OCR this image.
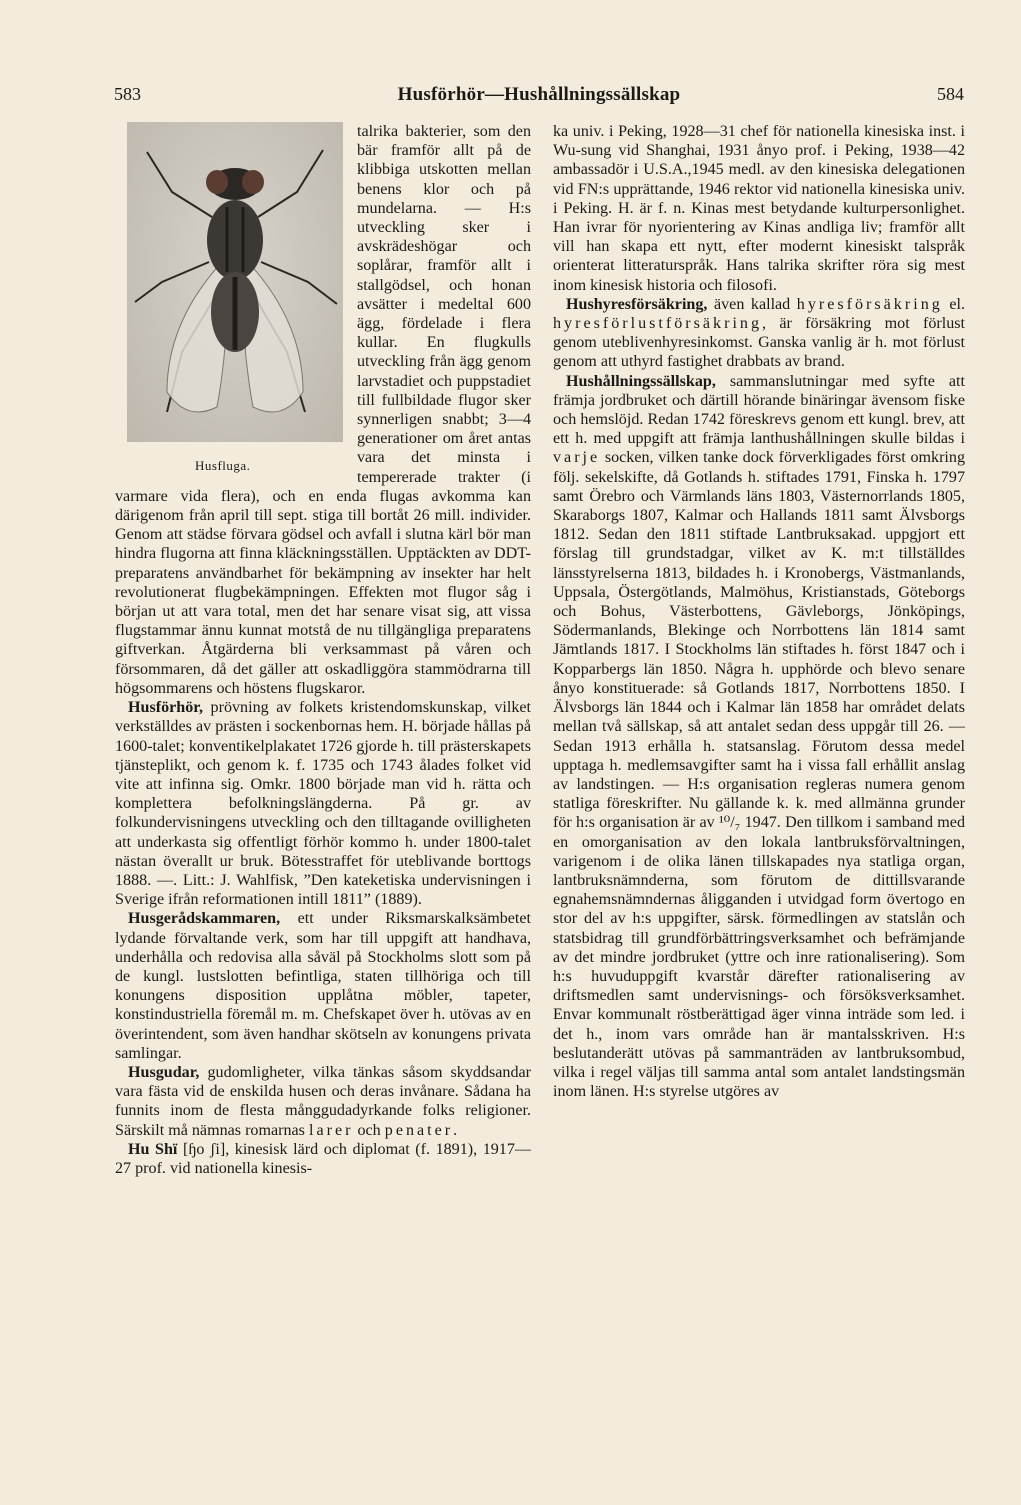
583	Husförhör—Hushållningssällskap	584
Husfluga.

talrika bakterier, som den bär framför allt på de klibbiga utskotten mellan benens klor och på mundelarna. — H:s utveckling sker i avskrädeshögar och soplårar, framför allt i stallgödsel, och honan avsätter i medeltal 600 ägg, fördelade i flera kullar. En flugkulls utveckling från ägg genom larvstadiet och puppstadiet till fullbildade flugor sker synnerligen snabbt; 3—4 generationer om året antas vara det minsta i tempererade trakter (i varmare vida flera), och en enda flugas avkomma kan därigenom från april till sept. stiga till bortåt 26 mill. individer. Genom att städse förvara gödsel och avfall i slutna kärl bör man hindra flugorna att finna kläckningsställen. Upptäckten av DDT-preparatens användbarhet för bekämpning av insekter har helt revolutionerat flugbekämpningen. Effekten mot flugor såg i början ut att vara total, men det har senare visat sig, att vissa flugstammar ännu kunnat motstå de nu tillgängliga preparatens giftverkan. Åtgärderna bli verksammast på våren och försommaren, då det gäller att oskadliggöra stammödrarna till högsommarens och höstens flugskaror.

Husförhör, prövning av folkets kristendomskunskap, vilket verkställdes av prästen i sockenbornas hem. H. började hållas på 1600-talet; konventikelplakatet 1726 gjorde h. till prästerskapets tjänsteplikt, och genom k. f. 1735 och 1743 ålades folket vid vite att infinna sig. Omkr. 1800 började man vid h. rätta och komplettera befolkningslängderna. På gr. av folkundervisningens utveckling och den tilltagande ovilligheten att underkasta sig offentligt förhör kommo h. under 1800-talet nästan överallt ur bruk. Bötesstraffet för uteblivande borttogs 1888. —. Litt.: J. Wahlfisk, ”Den kateketiska undervisningen i Sverige ifrån reformationen intill 1811” (1889).

Husgerådskammaren, ett under Riksmarskalksämbetet lydande förvaltande verk, som har till uppgift att handhava, underhålla och redovisa alla såväl på Stockholms slott som på de kungl. lustslotten befintliga, staten tillhöriga och till konungens disposition upplåtna möbler, tapeter, konstindustriella föremål m. m. Chefskapet över h. utövas av en överintendent, som även handhar skötseln av konungens privata samlingar.

Husgudar, gudomligheter, vilka tänkas såsom skyddsandar vara fästa vid de enskilda husen och deras invånare. Sådana ha funnits inom de flesta månggudadyrkande folks religioner. Särskilt må nämnas romarnas larer och penater.

Hu Shï [ɧo ʃi], kinesisk lärd och diplomat (f. 1891), 1917—27 prof. vid nationella kinesis-

ka univ. i Peking, 1928—31 chef för nationella kinesiska inst. i Wu-sung vid Shanghai, 1931 ånyo prof. i Peking, 1938—42 ambassadör i U.S.A.,1945 medl. av den kinesiska delegationen vid FN:s upprättande, 1946 rektor vid nationella kinesiska univ. i Peking. H. är f. n. Kinas mest betydande kulturpersonlighet. Han ivrar för nyorientering av Kinas andliga liv; framför allt vill han skapa ett nytt, efter modernt kinesiskt talspråk orienterat litteraturspråk. Hans talrika skrifter röra sig mest inom kinesisk historia och filosofi.

Hushyresförsäkring, även kallad hyresförsäkring el. hyresförlustförsäkring, är försäkring mot förlust genom uteblivenhyresinkomst. Ganska vanlig är h. mot förlust genom att uthyrd fastighet drabbats av brand.

Hushållningssällskap, sammanslutningar med syfte att främja jordbruket och därtill hörande binäringar ävensom fiske och hemslöjd. Redan 1742 föreskrevs genom ett kungl. brev, att ett h. med uppgift att främja lanthushållningen skulle bildas i varje socken, vilken tanke dock förverkligades först omkring följ. sekelskifte, då Gotlands h. stiftades 1791, Finska h. 1797 samt Örebro och Värmlands läns 1803, Västernorrlands 1805, Skaraborgs 1807, Kalmar och Hallands 1811 samt Älvsborgs 1812. Sedan den 1811 stiftade Lantbruksakad. uppgjort ett förslag till grundstadgar, vilket av K. m:t tillställdes länsstyrelserna 1813, bildades h. i Kronobergs, Västmanlands, Uppsala, Östergötlands, Malmöhus, Kristianstads, Göteborgs och Bohus, Västerbottens, Gävleborgs, Jönköpings, Södermanlands, Blekinge och Norrbottens län 1814 samt Jämtlands 1817. I Stockholms län stiftades h. först 1847 och i Kopparbergs län 1850. Några h. upphörde och blevo senare ånyo konstituerade: så Gotlands 1817, Norrbottens 1850. I Älvsborgs län 1844 och i Kalmar län 1858 har området delats mellan två sällskap, så att antalet sedan dess uppgår till 26. — Sedan 1913 erhålla h. statsanslag. Förutom dessa medel upptaga h. medlemsavgifter samt ha i vissa fall erhållit anslag av landstingen. — H:s organisation regleras numera genom statliga föreskrifter. Nu gällande k. k. med allmänna grunder för h:s organisation är av ¹⁰/₇ 1947. Den tillkom i samband med en omorganisation av den lokala lantbruksförvaltningen, varigenom i de olika länen tillskapades nya statliga organ, lantbruksnämnderna, som förutom de dittillsvarande egnahemsnämndernas åligganden i utvidgad form övertogo en stor del av h:s uppgifter, särsk. förmedlingen av statslån och statsbidrag till grundförbättringsverksamhet och befrämjande av det mindre jordbruket (yttre och inre rationalisering). Som h:s huvuduppgift kvarstår därefter rationalisering av driftsmedlen samt undervisnings- och försöksverksamhet. Envar kommunalt röstberättigad äger vinna inträde som led. i det h., inom vars område han är mantalsskriven. H:s beslutanderätt utövas på sammanträden av lantbruksombud, vilka i regel väljas till samma antal som antalet landstingsmän inom länen. H:s styrelse utgöres av
